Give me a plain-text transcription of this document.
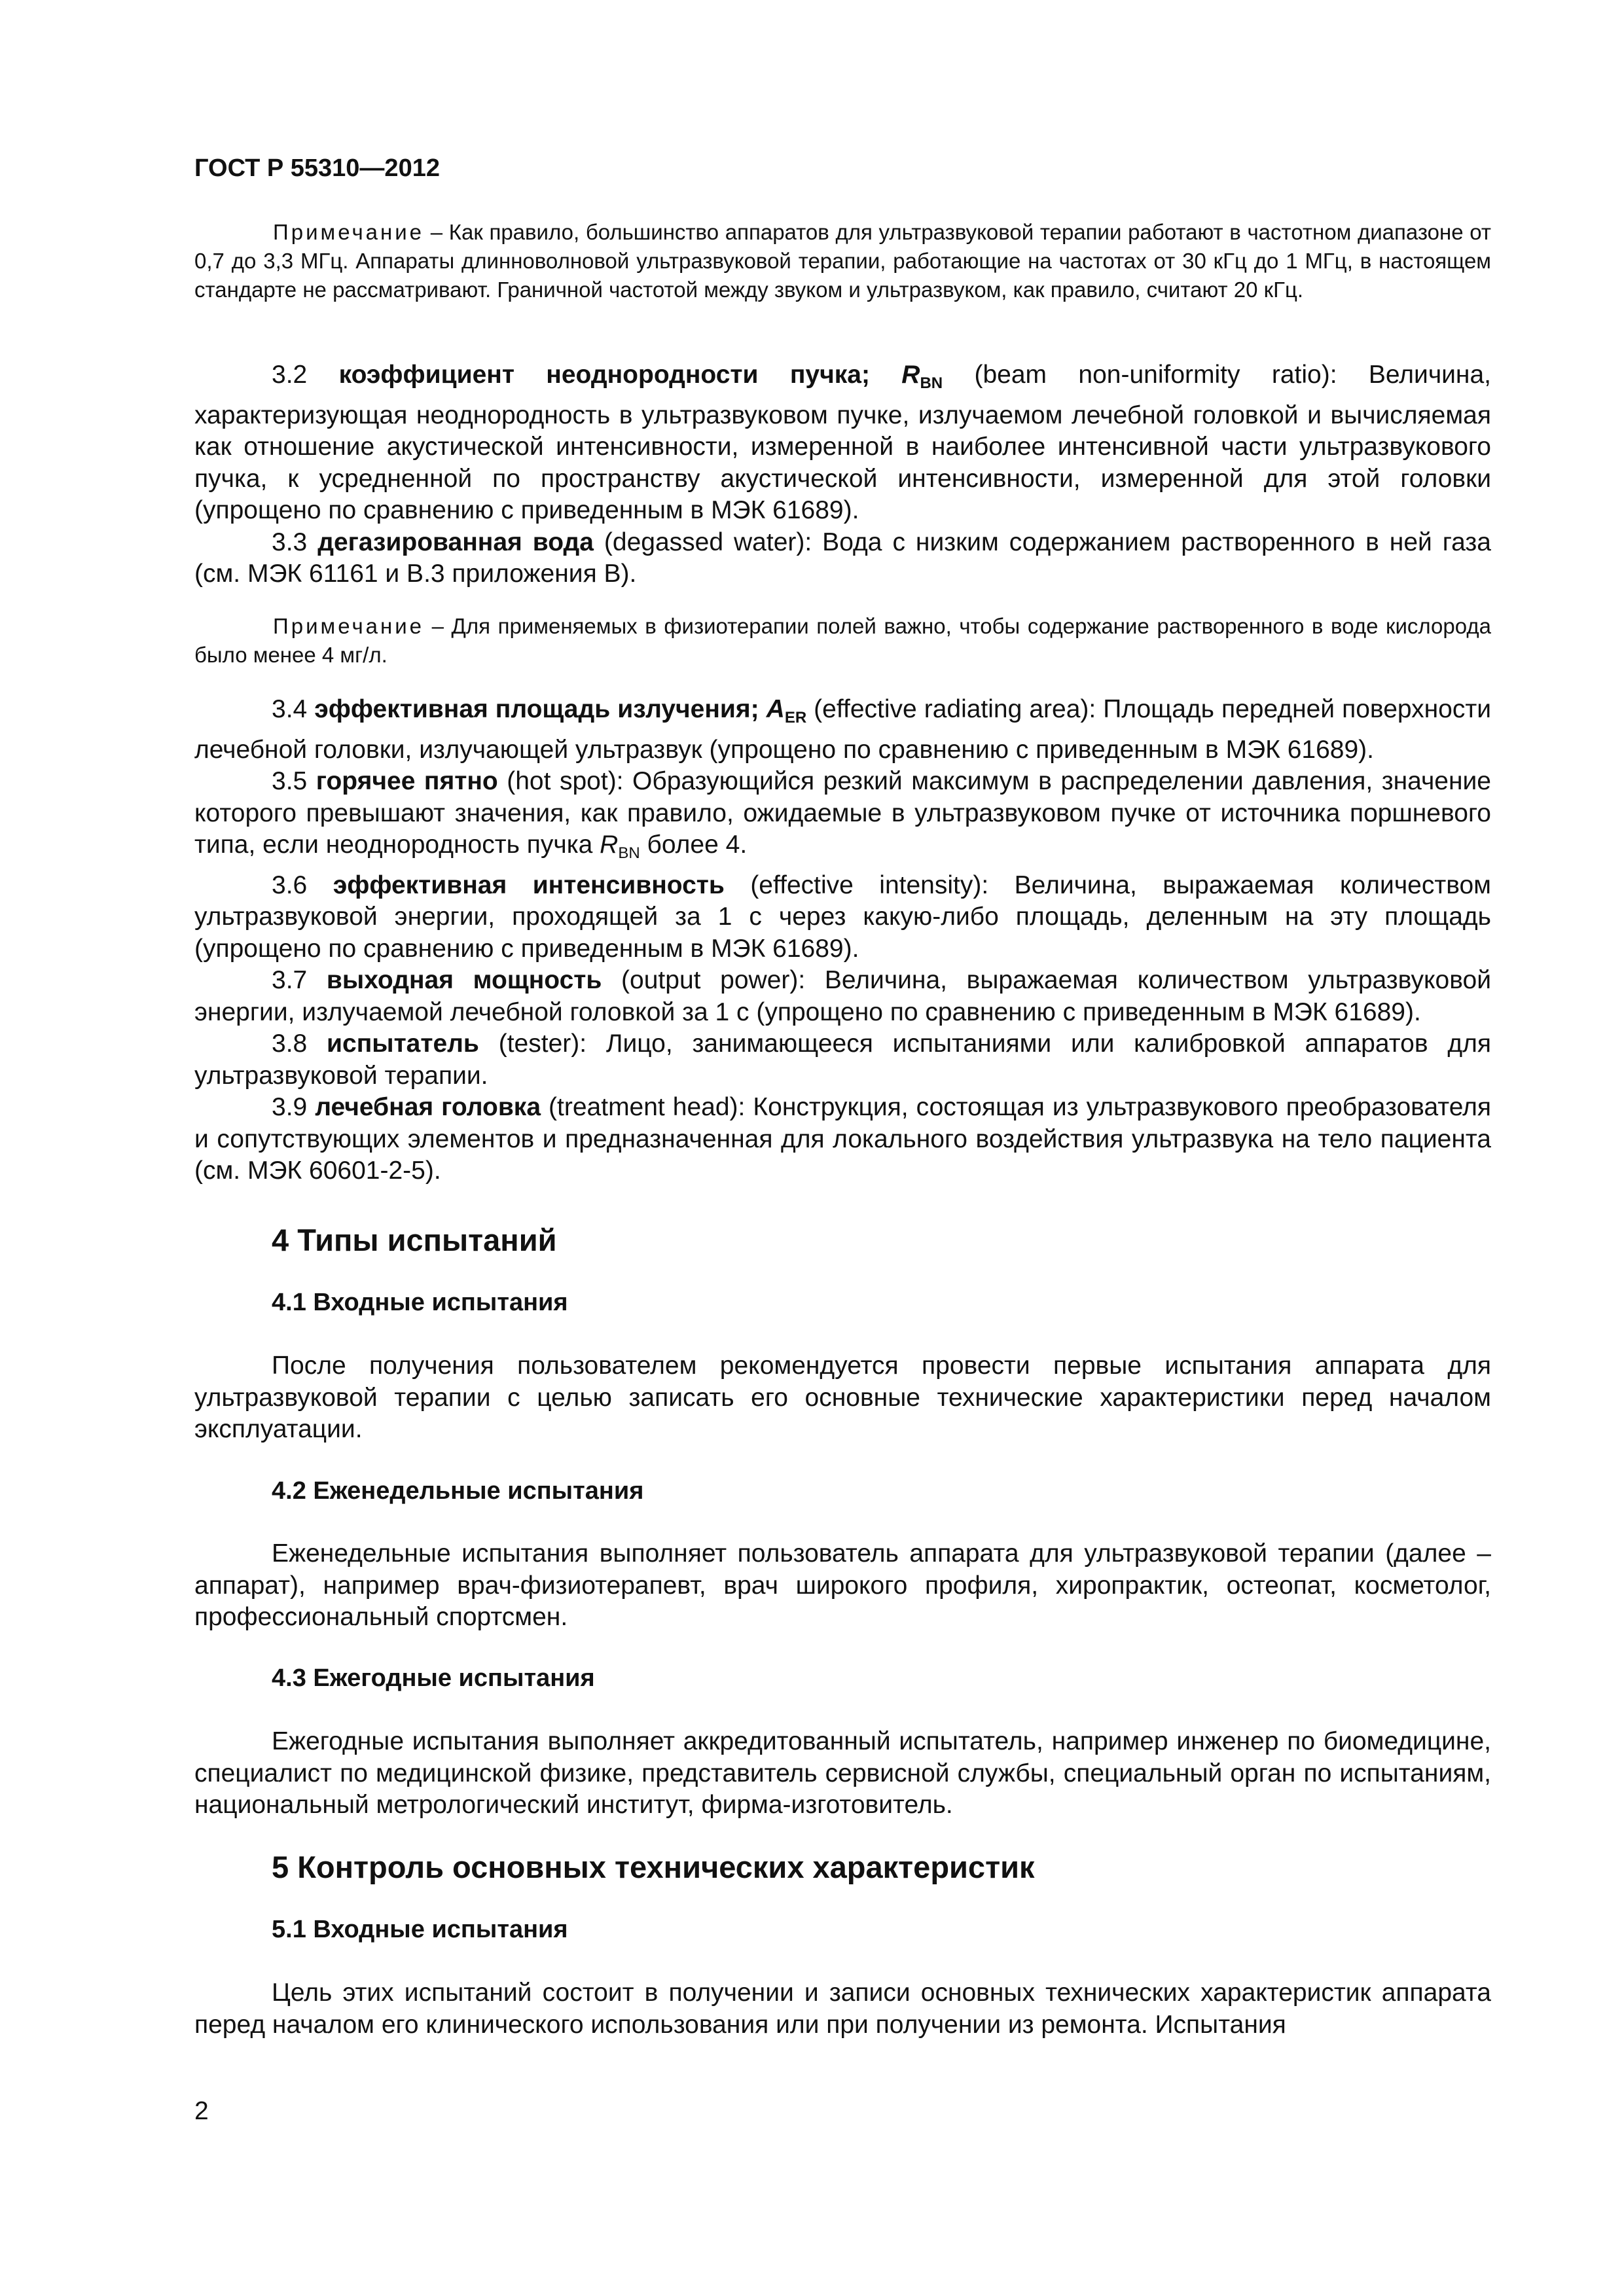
ГОСТ Р 55310—2012
Примечание – Как правило, большинство аппаратов для ультразвуковой терапии работают в частотном диапазоне от 0,7 до 3,3 МГц. Аппараты длинноволновой ультразвуковой терапии, работающие на частотах от 30 кГц до 1 МГц, в настоящем стандарте не рассматривают. Граничной частотой между звуком и ультразвуком, как правило, считают 20 кГц.

3.2 коэффициент неоднородности пучка; $R_{BN}$ (beam non-uniformity ratio): Величина, характеризующая неоднородность в ультразвуковом пучке, излучаемом лечебной головкой и вычисляемая как отношение акустической интенсивности, измеренной в наиболее интенсивной части ультразвукового пучка, к усредненной по пространству акустической интенсивности, измеренной для этой головки (упрощено по сравнению с приведенным в МЭК 61689).

3.3 дегазированная вода (degassed water): Вода с низким содержанием растворенного в ней газа (см. МЭК 61161 и В.3 приложения В).

Примечание – Для применяемых в физиотерапии полей важно, чтобы содержание растворенного в воде кислорода было менее 4 мг/л.

3.4 эффективная площадь излучения; $A_{ER}$ (effective radiating area): Площадь передней поверхности лечебной головки, излучающей ультразвук (упрощено по сравнению с приведенным в МЭК 61689).

3.5 горячее пятно (hot spot): Образующийся резкий максимум в распределении давления, значение которого превышают значения, как правило, ожидаемые в ультразвуковом пучке от источника поршневого типа, если неоднородность пучка $R_{BN}$ более 4.

3.6 эффективная интенсивность (effective intensity): Величина, выражаемая количеством ультразвуковой энергии, проходящей за 1 с через какую-либо площадь, деленным на эту площадь (упрощено по сравнению с приведенным в МЭК 61689).

3.7 выходная мощность (output power): Величина, выражаемая количеством ультразвуковой энергии, излучаемой лечебной головкой за 1 с (упрощено по сравнению с приведенным в МЭК 61689).

3.8 испытатель (tester): Лицо, занимающееся испытаниями или калибровкой аппаратов для ультразвуковой терапии.

3.9 лечебная головка (treatment head): Конструкция, состоящая из ультразвукового преобразователя и сопутствующих элементов и предназначенная для локального воздействия ультразвука на тело пациента (см. МЭК 60601-2-5).

4 Типы испытаний
4.1 Входные испытания

После получения пользователем рекомендуется провести первые испытания аппарата для ультразвуковой терапии с целью записать его основные технические характеристики перед началом эксплуатации.

4.2 Еженедельные испытания

Еженедельные испытания выполняет пользователь аппарата для ультразвуковой терапии (далее – аппарат), например врач-физиотерапевт, врач широкого профиля, хиропрактик, остеопат, косметолог, профессиональный спортсмен.

4.3 Ежегодные испытания

Ежегодные испытания выполняет аккредитованный испытатель, например инженер по биомедицине, специалист по медицинской физике, представитель сервисной службы, специальный орган по испытаниям, национальный метрологический институт, фирма-изготовитель.

5 Контроль основных технических характеристик
5.1 Входные испытания

Цель этих испытаний состоит в получении и записи основных технических характеристик аппарата перед началом его клинического использования или при получении из ремонта. Испытания

2
